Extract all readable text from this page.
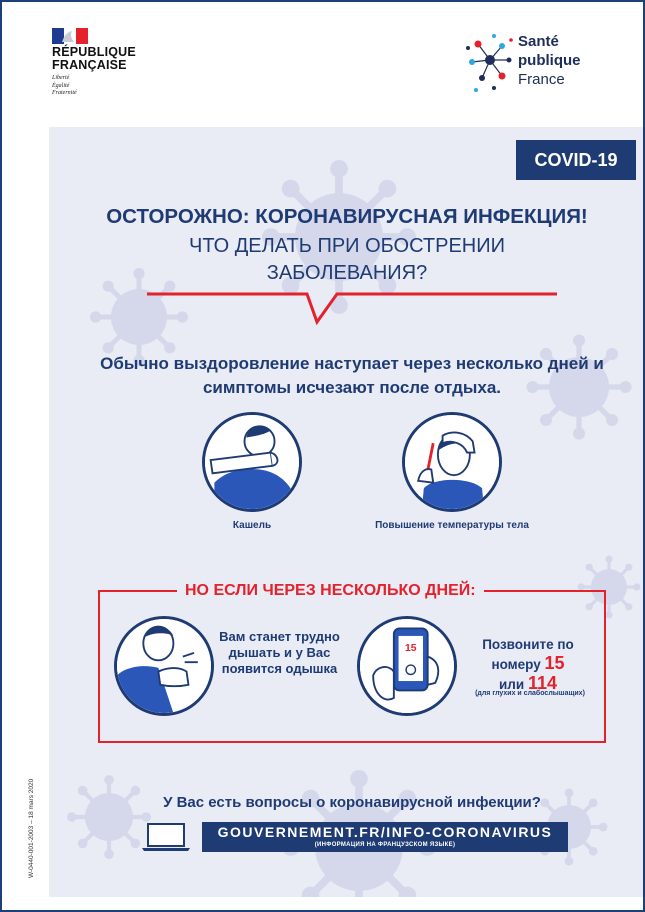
RÉPUBLIQUE
FRANÇAISE
Liberté
Égalité
Fraternité
Santé
publique
France
COVID-19
ОСТОРОЖНО: КОРОНАВИРУСНАЯ ИНФЕКЦИЯ!
ЧТО ДЕЛАТЬ ПРИ ОБОСТРЕНИИ ЗАБОЛЕВАНИЯ?
Обычно выздоровление наступает через несколько дней и симптомы исчезают после отдыха.
Кашель	Повышение температуры тела
НО ЕСЛИ ЧЕРЕЗ НЕСКОЛЬКО ДНЕЙ:
Вам станет трудно дышать и у Вас появится одышка
15	Позвоните по номеру 15
или 114
(для глухих и слабослышащих)
W-0440-001-2003 – 18 mars 2020	У Вас есть вопросы о коронавирусной инфекции?
GOUVERNEMENT.FR/INFO-CORONAVIRUS
(ИНФОРМАЦИЯ НА ФРАНЦУЗСКОМ ЯЗЫКЕ)
